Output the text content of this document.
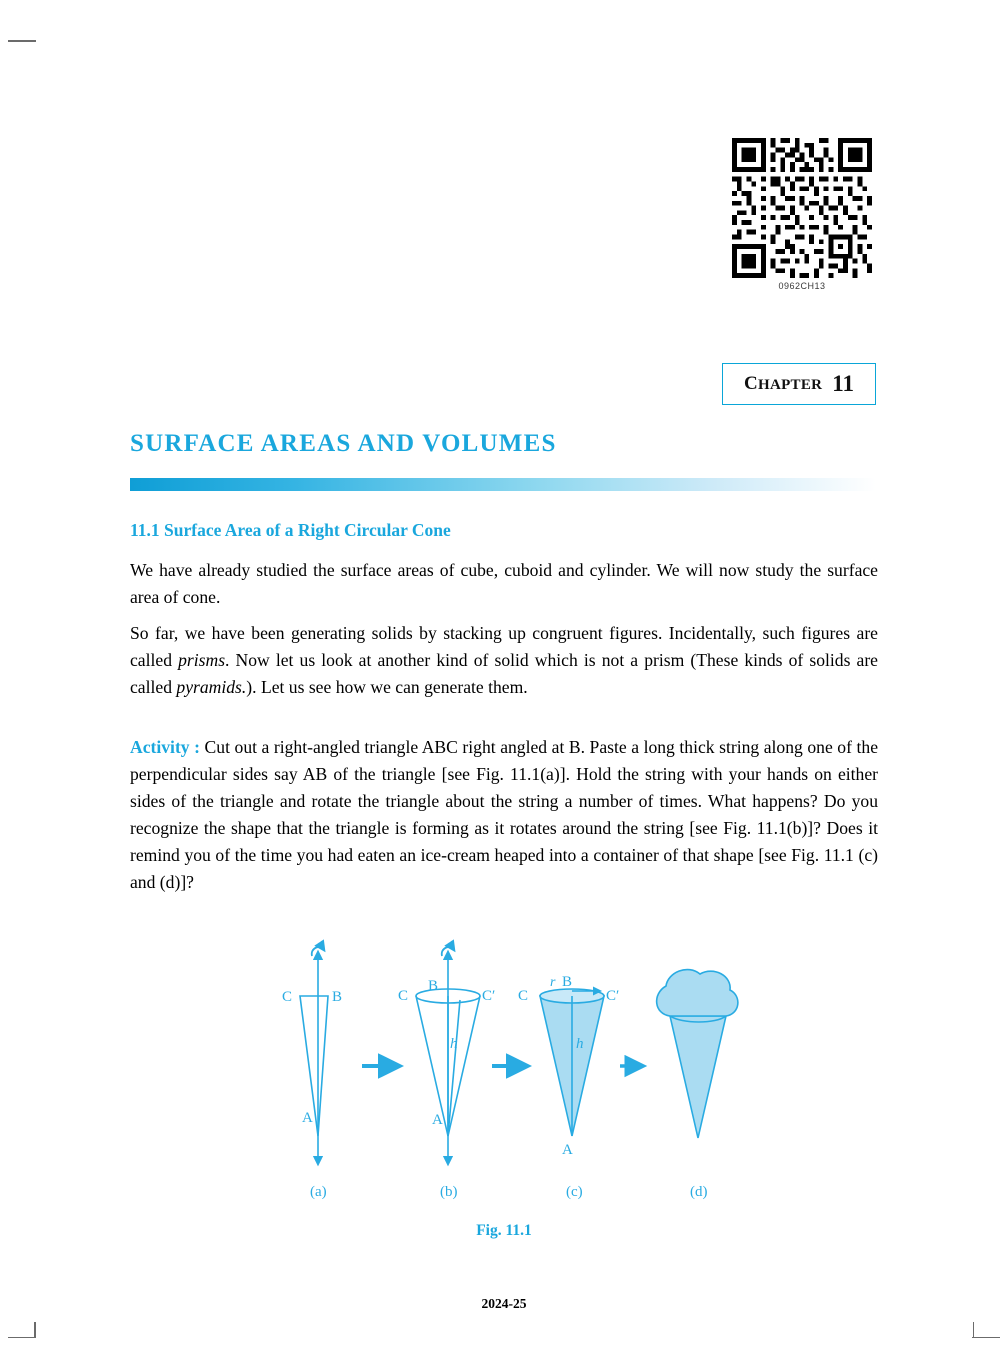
0962CH13
CHAPTER 11
SURFACE AREAS AND VOLUMES
11.1 Surface Area of a Right Circular Cone
We have already studied the surface areas of cube, cuboid and cylinder. We will now study the surface area of cone.
So far, we have been generating solids by stacking up congruent figures. Incidentally, such figures are called prisms. Now let us look at another kind of solid which is not a prism (These kinds of solids are called pyramids.). Let us see how we can generate them.
Activity : Cut out a right-angled triangle ABC right angled at B. Paste a long thick string along one of the perpendicular sides say AB of the triangle [see Fig. 11.1(a)]. Hold the string with your hands on either sides of the triangle and rotate the triangle about the string a number of times. What happens? Do you recognize the shape that the triangle is forming as it rotates around the string [see Fig. 11.1(b)]? Does it remind you of the time you had eaten an ice-cream heaped into a container of that shape [see Fig. 11.1 (c) and (d)]?
C	B
A
B
C	C′
h
A
r B
C	C′
h
A
(a)	(b)	(c)	(d)
Fig. 11.1
2024-25
